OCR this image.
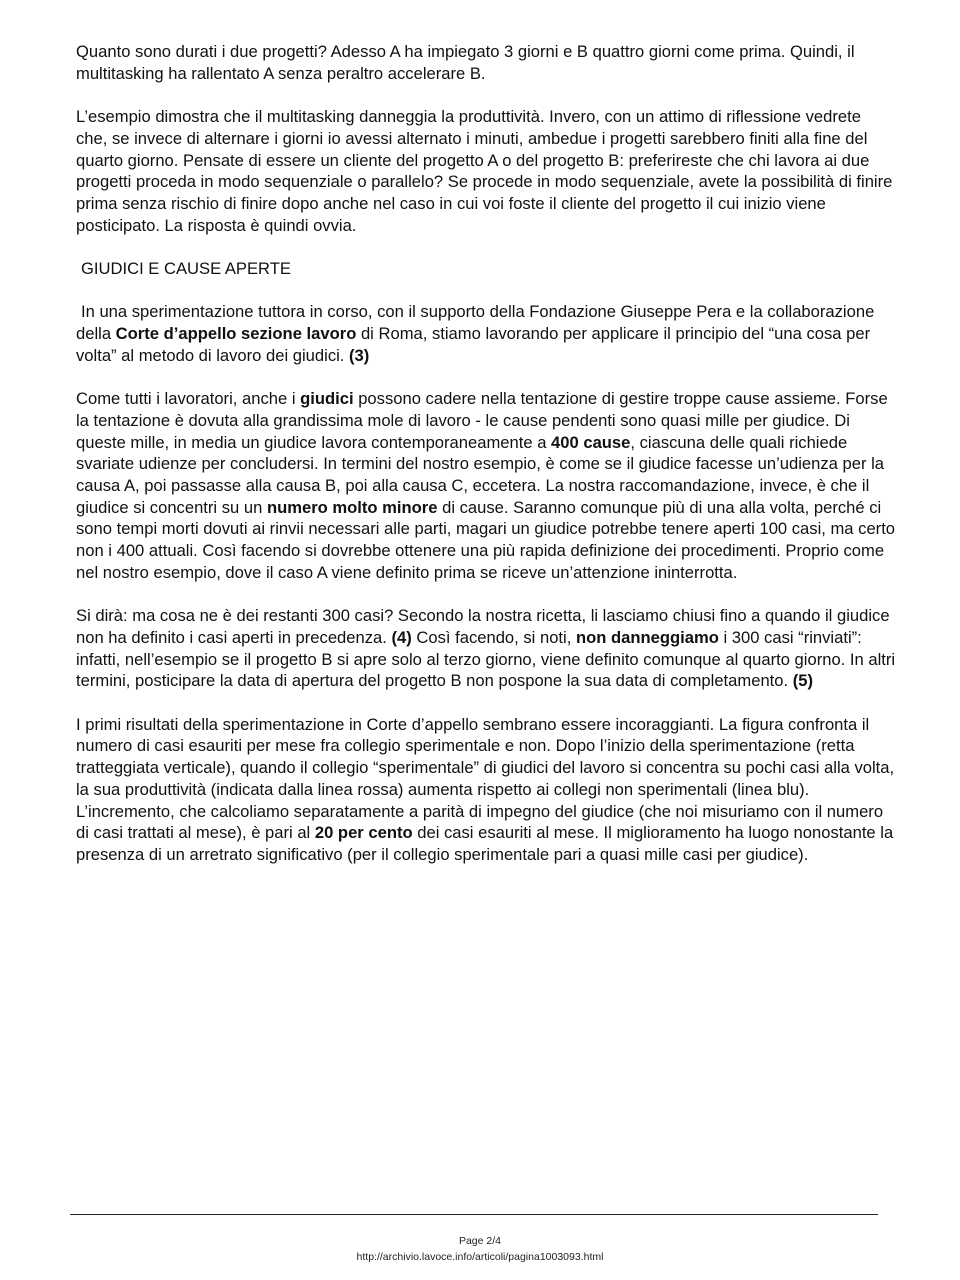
Quanto sono durati i due progetti? Adesso A ha impiegato 3 giorni e B quattro giorni come prima. Quindi, il multitasking ha rallentato A senza peraltro accelerare B.

L’esempio dimostra che il multitasking danneggia la produttività. Invero, con un attimo di riflessione vedrete che, se invece di alternare i giorni io avessi alternato i minuti, ambedue i progetti sarebbero finiti alla fine del quarto giorno. Pensate di essere un cliente del progetto A o del progetto B: preferireste che chi lavora ai due progetti proceda in modo sequenziale o parallelo? Se procede in modo sequenziale, avete la possibilità di finire prima senza rischio di finire dopo anche nel caso in cui voi foste il cliente del progetto il cui inizio viene posticipato. La risposta è quindi ovvia.

GIUDICI E CAUSE APERTE

In una sperimentazione tuttora in corso, con il supporto della Fondazione Giuseppe Pera e la collaborazione della Corte d’appello sezione lavoro di Roma, stiamo lavorando per applicare il principio del “una cosa per volta” al metodo di lavoro dei giudici. (3)

Come tutti i lavoratori, anche i giudici possono cadere nella tentazione di gestire troppe cause assieme. Forse la tentazione è dovuta alla grandissima mole di lavoro - le cause pendenti sono quasi mille per giudice. Di queste mille, in media un giudice lavora contemporaneamente a 400 cause, ciascuna delle quali richiede svariate udienze per concludersi. In termini del nostro esempio, è come se il giudice facesse un’udienza per la causa A, poi passasse alla causa B, poi alla causa C, eccetera. La nostra raccomandazione, invece, è che il giudice si concentri su un numero molto minore di cause. Saranno comunque più di una alla volta, perché ci sono tempi morti dovuti ai rinvii necessari alle parti, magari un giudice potrebbe tenere aperti 100 casi, ma certo non i 400 attuali. Così facendo si dovrebbe ottenere una più rapida definizione dei procedimenti. Proprio come nel nostro esempio, dove il caso A viene definito prima se riceve un’attenzione ininterrotta.

Si dirà: ma cosa ne è dei restanti 300 casi? Secondo la nostra ricetta, li lasciamo chiusi fino a quando il giudice non ha definito i casi aperti in precedenza. (4) Così facendo, si noti, non danneggiamo i 300 casi “rinviati”: infatti, nell’esempio se il progetto B si apre solo al terzo giorno, viene definito comunque al quarto giorno. In altri termini, posticipare la data di apertura del progetto B non pospone la sua data di completamento. (5)

I primi risultati della sperimentazione in Corte d’appello sembrano essere incoraggianti. La figura confronta il numero di casi esauriti per mese fra collegio sperimentale e non. Dopo l’inizio della sperimentazione (retta tratteggiata verticale), quando il collegio “sperimentale” di giudici del lavoro si concentra su pochi casi alla volta, la sua produttività (indicata dalla linea rossa) aumenta rispetto ai collegi non sperimentali (linea blu). L’incremento, che calcoliamo separatamente a parità di impegno del giudice (che noi misuriamo con il numero di casi trattati al mese), è pari al 20 per cento dei casi esauriti al mese. Il miglioramento ha luogo nonostante la presenza di un arretrato significativo (per il collegio sperimentale pari a quasi mille casi per giudice).

Page 2/4
http://archivio.lavoce.info/articoli/pagina1003093.html
